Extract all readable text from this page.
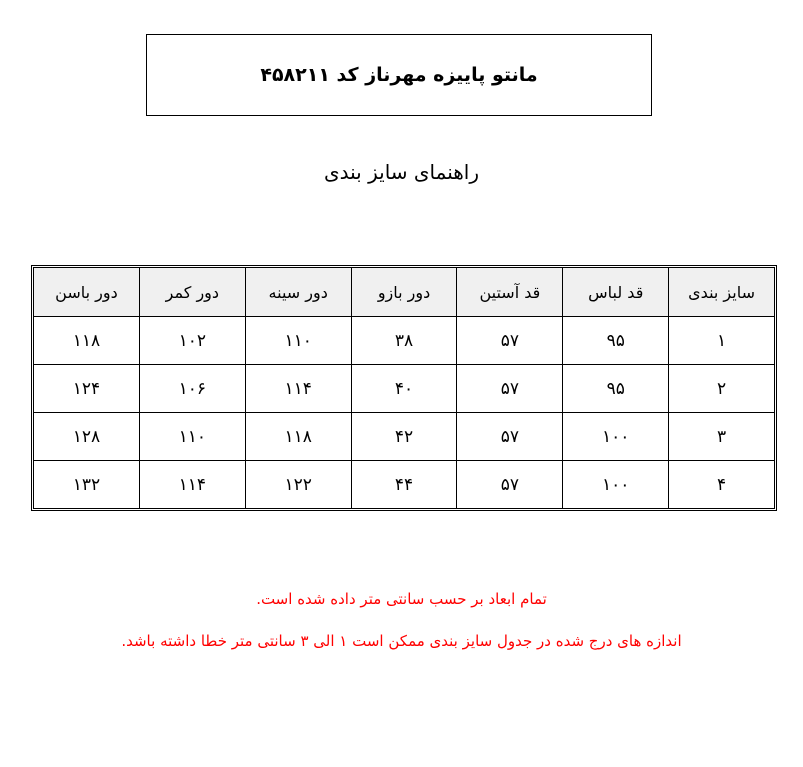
مانتو پاییزه مهرناز کد ۴۵۸۲۱۱
راهنمای سایز بندی
سایز بندی	قد لباس	قد آستین	دور بازو	دور سینه	دور کمر	دور باسن
۱	۹۵	۵۷	۳۸	۱۱۰	۱۰۲	۱۱۸
۲	۹۵	۵۷	۴۰	۱۱۴	۱۰۶	۱۲۴
۳	۱۰۰	۵۷	۴۲	۱۱۸	۱۱۰	۱۲۸
۴	۱۰۰	۵۷	۴۴	۱۲۲	۱۱۴	۱۳۲
تمام ابعاد بر حسب سانتی متر داده شده است.
اندازه های درج شده در جدول سایز بندی ممکن است ۱ الی ۳ سانتی متر خطا داشته باشد.
